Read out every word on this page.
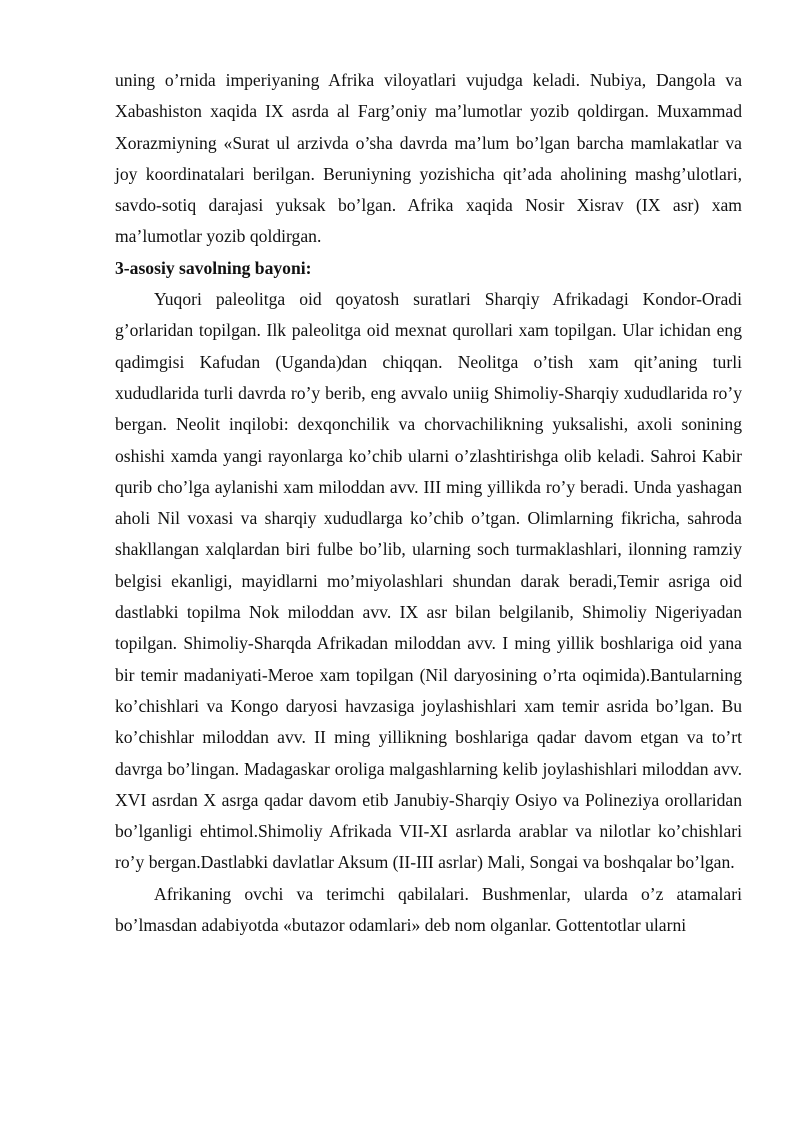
uning o’rnida imperiyaning Afrika viloyatlari vujudga keladi. Nubiya, Dangola va Xabashiston xaqida IX asrda al Farg’oniy ma’lumotlar yozib qoldirgan. Muxammad Xorazmiyning «Surat ul arzivda o’sha davrda ma’lum bo’lgan barcha mamlakatlar va joy koordinatalari berilgan. Beruniyning yozishicha qit’ada aholining mashg’ulotlari, savdo-sotiq darajasi yuksak bo’lgan. Afrika xaqida Nosir Xisrav (IX asr) xam ma’lumotlar yozib qoldirgan.

3-asosiy savolning bayoni:

Yuqori paleolitga oid qoyatosh suratlari Sharqiy Afrikadagi Kondor-Oradi g’orlaridan topilgan. Ilk paleolitga oid mexnat qurollari xam topilgan. Ular ichidan eng qadimgisi Kafudan (Uganda)dan chiqqan. Neolitga o’tish xam qit’aning turli xududlarida turli davrda ro’y berib, eng avvalo uniig Shimoliy-Sharqiy xududlarida ro’y bergan. Neolit inqilobi: dexqonchilik va chorvachilikning yuksalishi, axoli sonining oshishi xamda yangi rayonlarga ko’chib ularni o’zlashtirishga olib keladi. Sahroi Kabir qurib cho’lga aylanishi xam miloddan avv. III ming yillikda ro’y beradi. Unda yashagan aholi Nil voxasi va sharqiy xududlarga ko’chib o’tgan. Olimlarning fikricha, sahroda shakllangan xalqlardan biri fulbe bo’lib, ularning soch turmaklashlari, ilonning ramziy belgisi ekanligi, mayidlarni mo’miyolashlari shundan darak beradi,Temir asriga oid dastlabki topilma Nok miloddan avv. IX asr bilan belgilanib, Shimoliy Nigeriyadan topilgan. Shimoliy-Sharqda Afrikadan miloddan avv. I ming yillik boshlariga oid yana bir temir madaniyati-Meroe xam topilgan (Nil daryosining o’rta oqimida).Bantularning ko’chishlari va Kongo daryosi havzasiga joylashishlari xam temir asrida bo’lgan. Bu ko’chishlar miloddan avv. II ming yillikning boshlariga qadar davom etgan va to’rt davrga bo’lingan. Madagaskar oroliga malgashlarning kelib joylashishlari miloddan avv. XVI asrdan X asrga qadar davom etib Janubiy-Sharqiy Osiyo va Polineziya orollaridan bo’lganligi ehtimol.Shimoliy Afrikada VII-XI asrlarda arablar va nilotlar ko’chishlari ro’y bergan.Dastlabki davlatlar Aksum (II-III asrlar) Mali, Songai va boshqalar bo’lgan.

Afrikaning ovchi va terimchi qabilalari. Bushmenlar, ularda o’z atamalari bo’lmasdan adabiyotda «butazor odamlari» deb nom olganlar. Gottentotlar ularni
